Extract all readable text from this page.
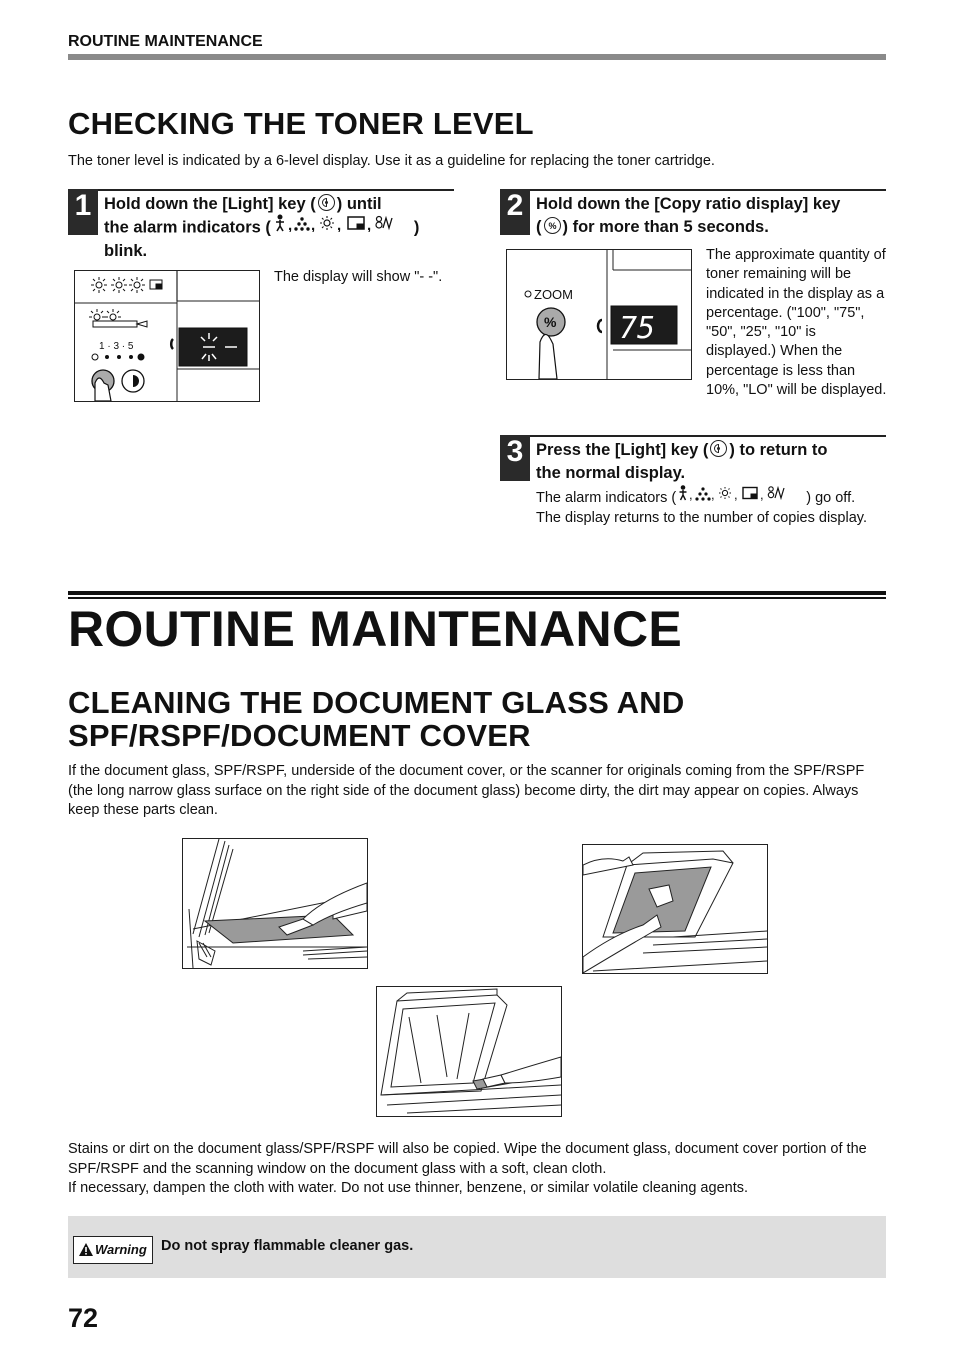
ROUTINE MAINTENANCE
CHECKING THE TONER LEVEL
The toner level is indicated by a 6-level display. Use it as a guideline for replacing the toner cartridge.
1 Hold down the [Light] key ( ) until
the alarm indicators ( , , , ,	)
blink.
1 · 3 · 5
The display will show "- -".
2 Hold down the [Copy ratio display] key
( % ) for more than 5 seconds.
ZOOM
% 75
The approximate quantity of toner remaining will be indicated in the display as a percentage. ("100", "75", "50", "25", "10" is displayed.) When the percentage is less than 10%, "LO" will be displayed.
3 Press the [Light] key ( ) to return to
the normal display.
The alarm indicators ( , , , ,	) go off.
The display returns to the number of copies display.
ROUTINE MAINTENANCE
CLEANING THE DOCUMENT GLASS AND
SPF/RSPF/DOCUMENT COVER
If the document glass, SPF/RSPF, underside of the document cover, or the scanner for originals coming from the SPF/RSPF (the long narrow glass surface on the right side of the document glass) become dirty, the dirt may appear on copies. Always keep these parts clean.
Stains or dirt on the document glass/SPF/RSPF will also be copied. Wipe the document glass, document cover portion of the SPF/RSPF and the scanning window on the document glass with a soft, clean cloth.
If necessary, dampen the cloth with water. Do not use thinner, benzene, or similar volatile cleaning agents.
Warning Do not spray flammable cleaner gas.
72
